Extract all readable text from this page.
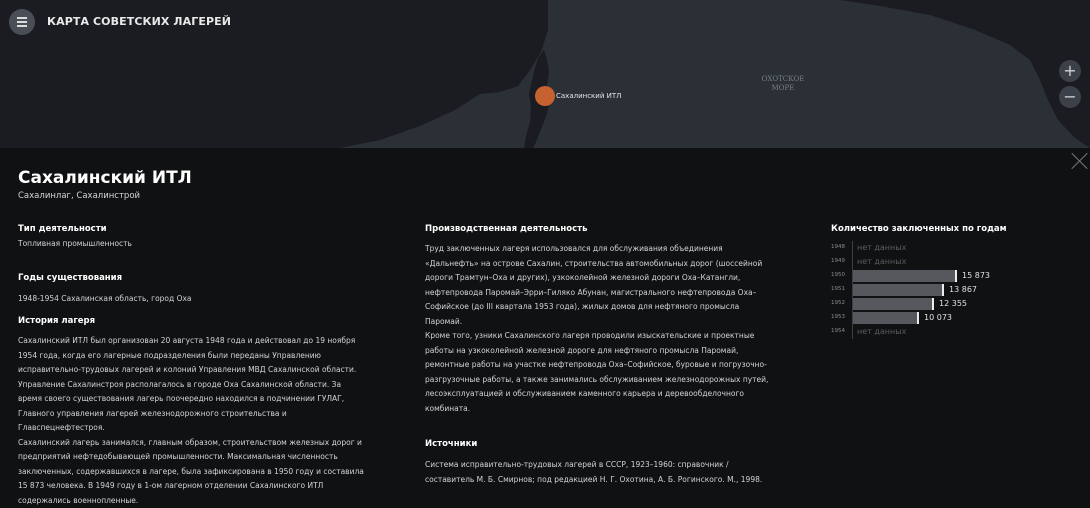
КАРТА СОВЕТСКИХ ЛАГЕРЕЙ
Сахалинский ИТЛ
ОХОТСКОЕ
МОРЕ
+
−
Сахалинский ИТЛ
Сахалинлаг, Сахалинстрой
Тип деятельности
Топливная промышленность
Годы существования
1948-1954 Сахалинская область, город Оха
История лагеря
Сахалинский ИТЛ был организован 20 августа 1948 года и действовал до 19 ноября
1954 года, когда его лагерные подразделения были переданы Управлению
исправительно-трудовых лагерей и колоний Управления МВД Сахалинской области.
Управление Сахалинстроя располагалось в городе Оха Сахалинской области. За
время своего существования лагерь поочередно находился в подчинении ГУЛАГ,
Главного управления лагерей железнодорожного строительства и
Главспецнефтестроя.
Сахалинский лагерь занимался, главным образом, строительством железных дорог и
предприятий нефтедобывающей промышленности. Максимальная численность
заключенных, содержавшихся в лагере, была зафиксирована в 1950 году и составила
15 873 человека. В 1949 году в 1-ом лагерном отделении Сахалинского ИТЛ
содержались военнопленные.
Производственная деятельность
Труд заключенных лагеря использовался для обслуживания объединения
«Дальнефть» на острове Сахалин, строительства автомобильных дорог (шоссейной
дороги Трамтун–Оха и других), узкоколейной железной дороги Оха–Катангли,
нефтепровода Паромай–Эрри–Гиляко Абунан, магистрального нефтепровода Оха–
Софийское (до III квартала 1953 года), жилых домов для нефтяного промысла
Паромай.
Кроме того, узники Сахалинского лагеря проводили изыскательские и проектные
работы на узкоколейной железной дороге для нефтяного промысла Паромай,
ремонтные работы на участке нефтепровода Оха–Софийское, буровые и погрузочно-
разгрузочные работы, а также занимались обслуживанием железнодорожных путей,
лесоэксплуатацией и обслуживанием каменного карьера и деревообделочного
комбината.
Источники
Система исправительно-трудовых лагерей в СССР, 1923–1960: справочник /
составитель М. Б. Смирнов; под редакцией Н. Г. Охотина, А. Б. Рогинского. М., 1998.
Количество заключенных по годам
1948 нет данных
1949 нет данных
1950	15 873
1951	13 867
1952	12 355
1953	10 073
1954 нет данных
